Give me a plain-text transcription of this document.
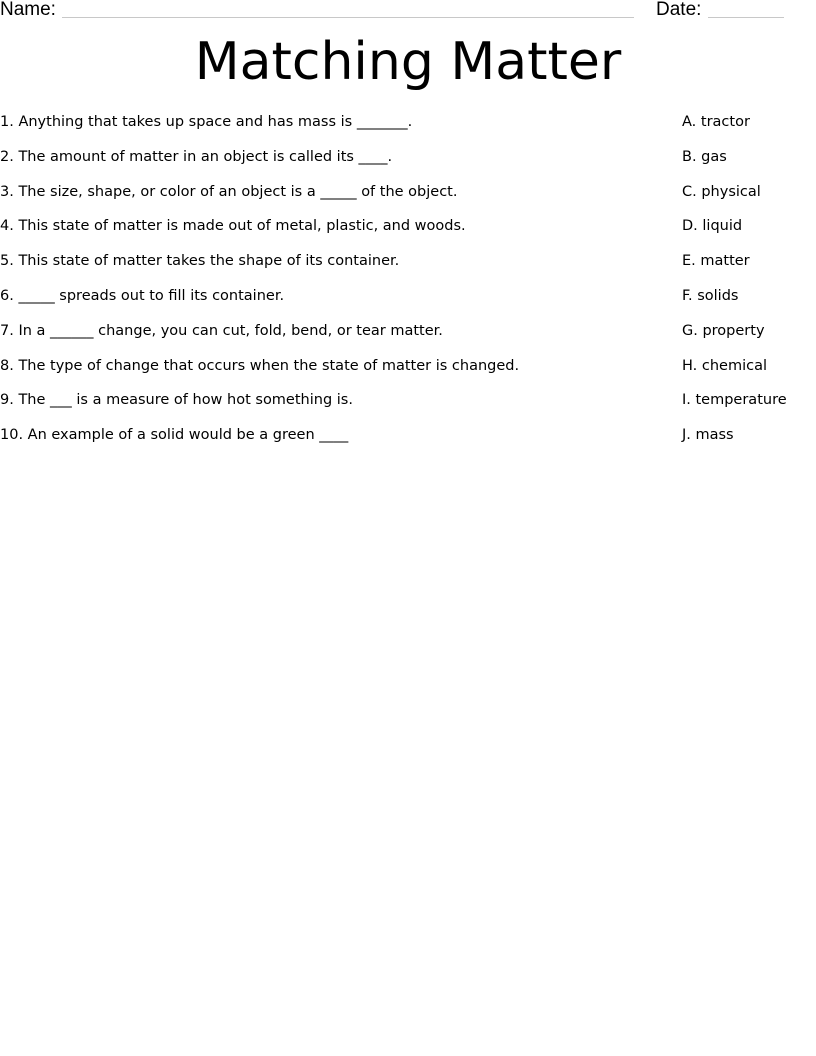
Name:	Date:
Matching Matter
1. Anything that takes up space and has mass is _______.
2. The amount of matter in an object is called its ____.
3. The size, shape, or color of an object is a _____ of the object.
4. This state of matter is made out of metal, plastic, and woods.
5. This state of matter takes the shape of its container.
6. _____ spreads out to fill its container.
7. In a ______ change, you can cut, fold, bend, or tear matter.
8. The type of change that occurs when the state of matter is changed.
9. The ___ is a measure of how hot something is.
10. An example of a solid would be a green ____
A. tractor
B. gas
C. physical
D. liquid
E. matter
F. solids
G. property
H. chemical
I. temperature
J. mass
